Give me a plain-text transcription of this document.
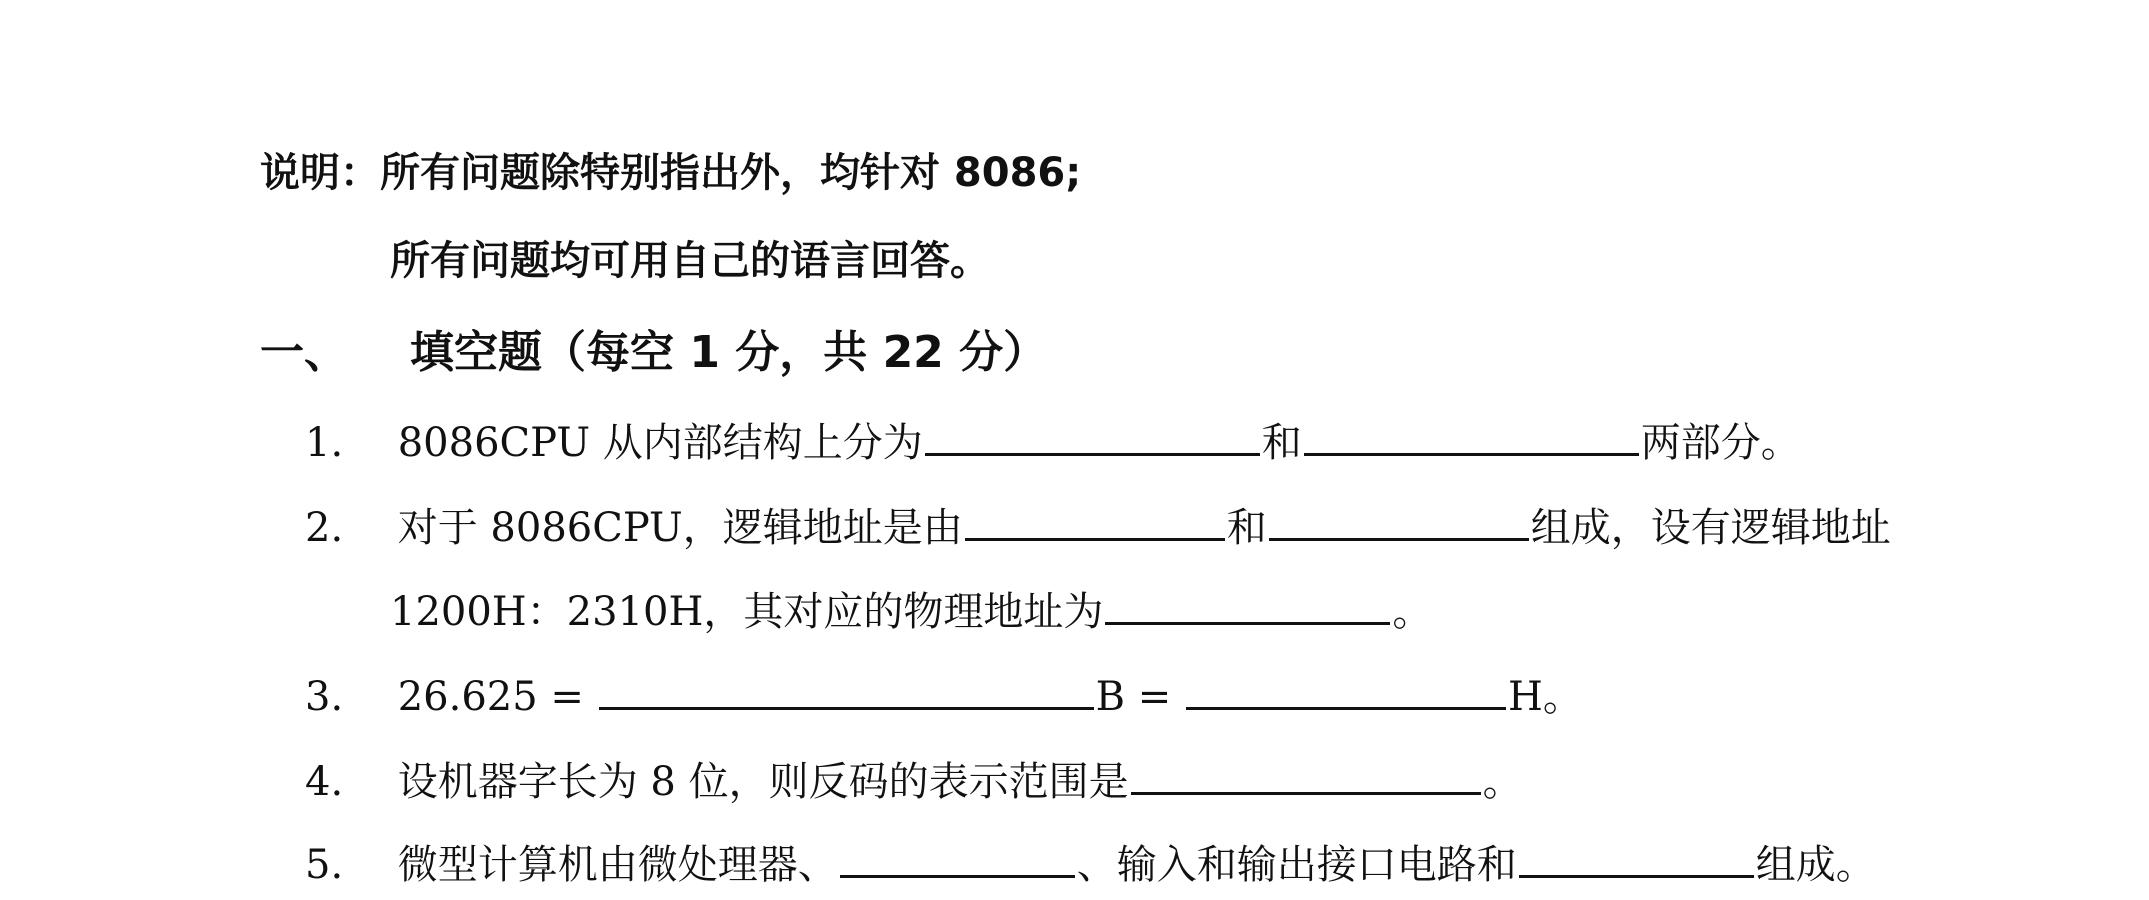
说明：所有问题除特别指出外，均针对 8086;
所有问题均可用自己的语言回答。
一、 填空题（每空 1 分，共 22 分）
1. 8086CPU 从内部结构上分为	和	两部分。
2. 对于 8086CPU，逻辑地址是由	和	组成，设有逻辑地址
1200H：2310H，其对应的物理地址为	。
3. 26.625 =	B =	H。
4. 设机器字长为 8 位，则反码的表示范围是	。
5. 微型计算机由微处理器、	、输入和输出接口电路和	组成。
